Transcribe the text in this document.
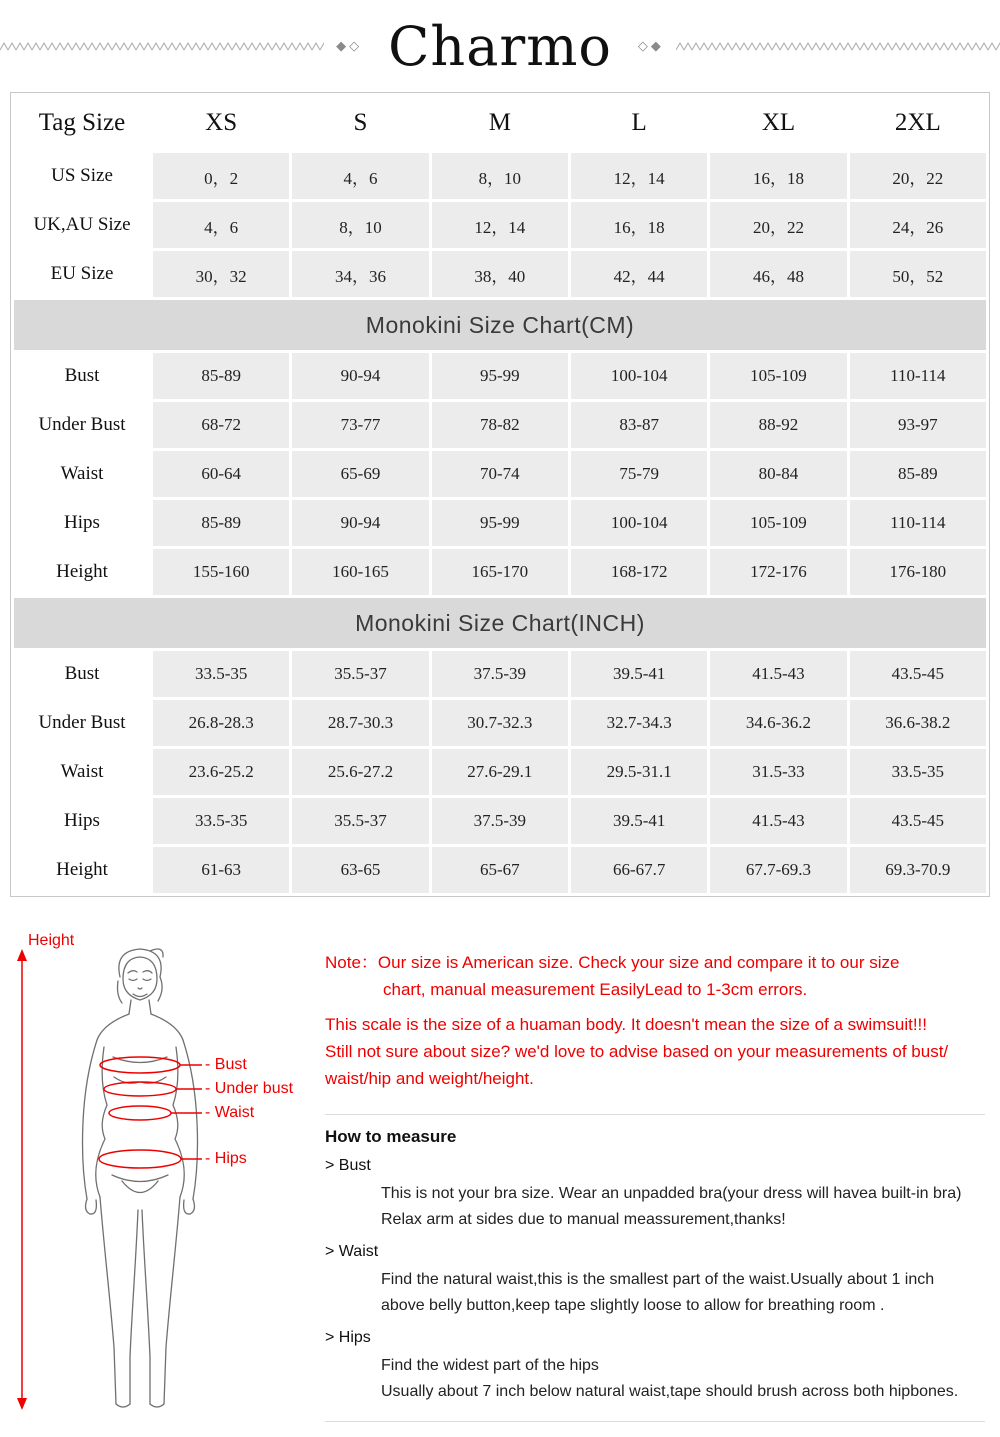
◆◇ Charmo ◇◆
Tag Size	XS	S	M	L	XL	2XL
US Size	0，2	4，6	8，10	12，14	16，18	20，22
UK,AU Size	4，6	8，10	12，14	16，18	20，22	24，26
EU Size	30，32	34，36	38，40	42，44	46，48	50，52
Monokini Size Chart(CM)						
Bust	85-89	90-94	95-99	100-104	105-109	110-114
Under Bust	68-72	73-77	78-82	83-87	88-92	93-97
Waist	60-64	65-69	70-74	75-79	80-84	85-89
Hips	85-89	90-94	95-99	100-104	105-109	110-114
Height	155-160	160-165	165-170	168-172	172-176	176-180
Monokini Size Chart(INCH)						
Bust	33.5-35	35.5-37	37.5-39	39.5-41	41.5-43	43.5-45
Under Bust	26.8-28.3	28.7-30.3	30.7-32.3	32.7-34.3	34.6-36.2	36.6-38.2
Waist	23.6-25.2	25.6-27.2	27.6-29.1	29.5-31.1	31.5-33	33.5-35
Hips	33.5-35	35.5-37	37.5-39	39.5-41	41.5-43	43.5-45
Height	61-63	63-65	65-67	66-67.7	67.7-69.3	69.3-70.9
Height
- Bust
- Under bust
- Waist
- Hips
Note：Our size is American size. Check your size and compare it to our size
chart, manual measurement EasilyLead to 1-3cm errors.
This scale is the size of a huaman body. It doesn't mean the size of a swimsuit!!!
Still not sure about size? we'd love to advise based on your measurements of bust/
waist/hip and weight/height.
How to measure
> Bust
This is not your bra size. Wear an unpadded bra(your dress will havea built-in bra)
Relax arm at sides due to manual meassurement,thanks!
> Waist
Find the natural waist,this is the smallest part of the waist.Usually about 1 inch
above belly button,keep tape slightly loose to allow for breathing room .
> Hips
Find the widest part of the hips
Usually about 7 inch below natural waist,tape should brush across both hipbones.
